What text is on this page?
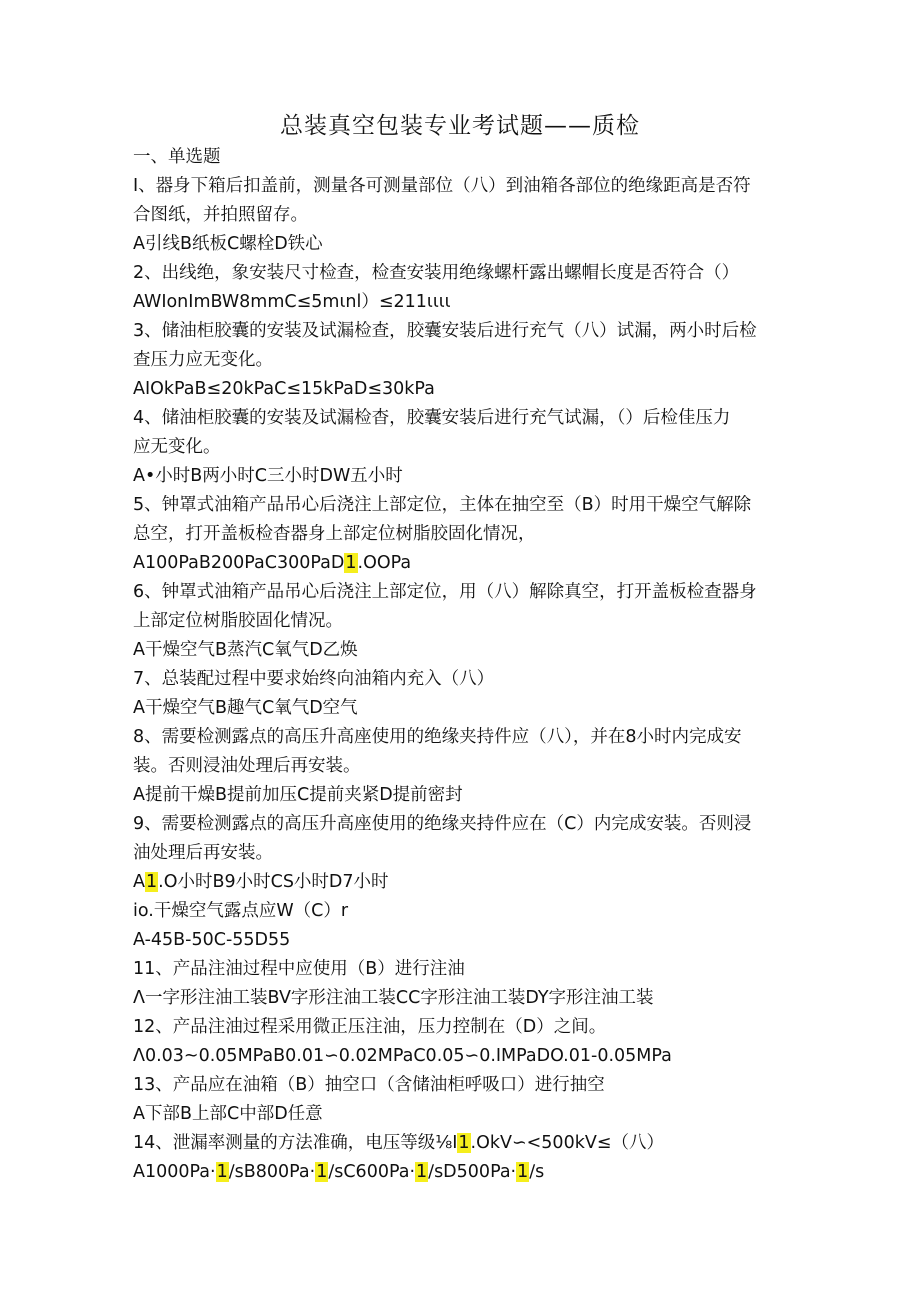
总装真空包装专业考试题——质检
一、单选题
I、器身下箱后扣盖前，测量各可测量部位（八）到油箱各部位的绝缘距高是否符
合图纸，并拍照留存。
A引线B纸板C螺栓D铁心
2、出线绝，象安装尺寸检查，检查安装用绝缘螺杆露出螺帽长度是否符合（）
AWIonImBW8mmC≤5mιnl）≤211ιιιι
3、储油柜胶囊的安装及试漏检查，胶囊安装后进行充气（八）试漏，两小时后检
查压力应无变化。
AIOkPaB≤20kPaC≤15kPaD≤30kPa
4、储油柜胶囊的安装及试漏检杳，胶囊安装后进行充气试漏，（）后检佳压力
应无变化。
A•小时B两小时C三小时DW五小时
5、钟罩式油箱产品吊心后浇注上部定位，主体在抽空至（B）时用干燥空气解除
总空，打开盖板检杳器身上部定位树脂胶固化情况，
A100PaB200PaC300PaD1.OOPa
6、钟罩式油箱产品吊心后浇注上部定位，用（八）解除真空，打开盖板检查器身
上部定位树脂胶固化情况。
A干燥空气B蒸汽C氧气D乙焕
7、总装配过程中要求始终向油箱内充入（八）
A干燥空气B趣气C氧气D空气
8、需要检测露点的高压升高座使用的绝缘夹持件应（八），并在8小时内完成安
装。否则浸油处理后再安装。
A提前干燥B提前加压C提前夹紧D提前密封
9、需要检测露点的高压升高座使用的绝缘夹持件应在（C）内完成安装。否则浸
油处理后再安装。
A1.O小时B9小时CS小时D7小时
io.干燥空气露点应W（C）r
A-45B-50C-55D55
11、产品注油过程中应使用（B）进行注油
Λ一字形注油工装BV字形注油工装CC字形注油工装DY字形注油工装
12、产品注油过程采用微正压注油，压力控制在（D）之间。
Λ0.03~0.05MPaB0.01∽0.02MPaC0.05∽0.IMPaDO.01-0.05MPa
13、产品应在油箱（B）抽空口（含储油柜呼吸口）进行抽空
A下部B上部C中部D任意
14、泄漏率测量的方法准确，电压等级⅛I1.OkV∽<500kV≤（八）
A1000Pa·1∕sB800Pa·1∕sC600Pa·1∕sD500Pa·1∕s
